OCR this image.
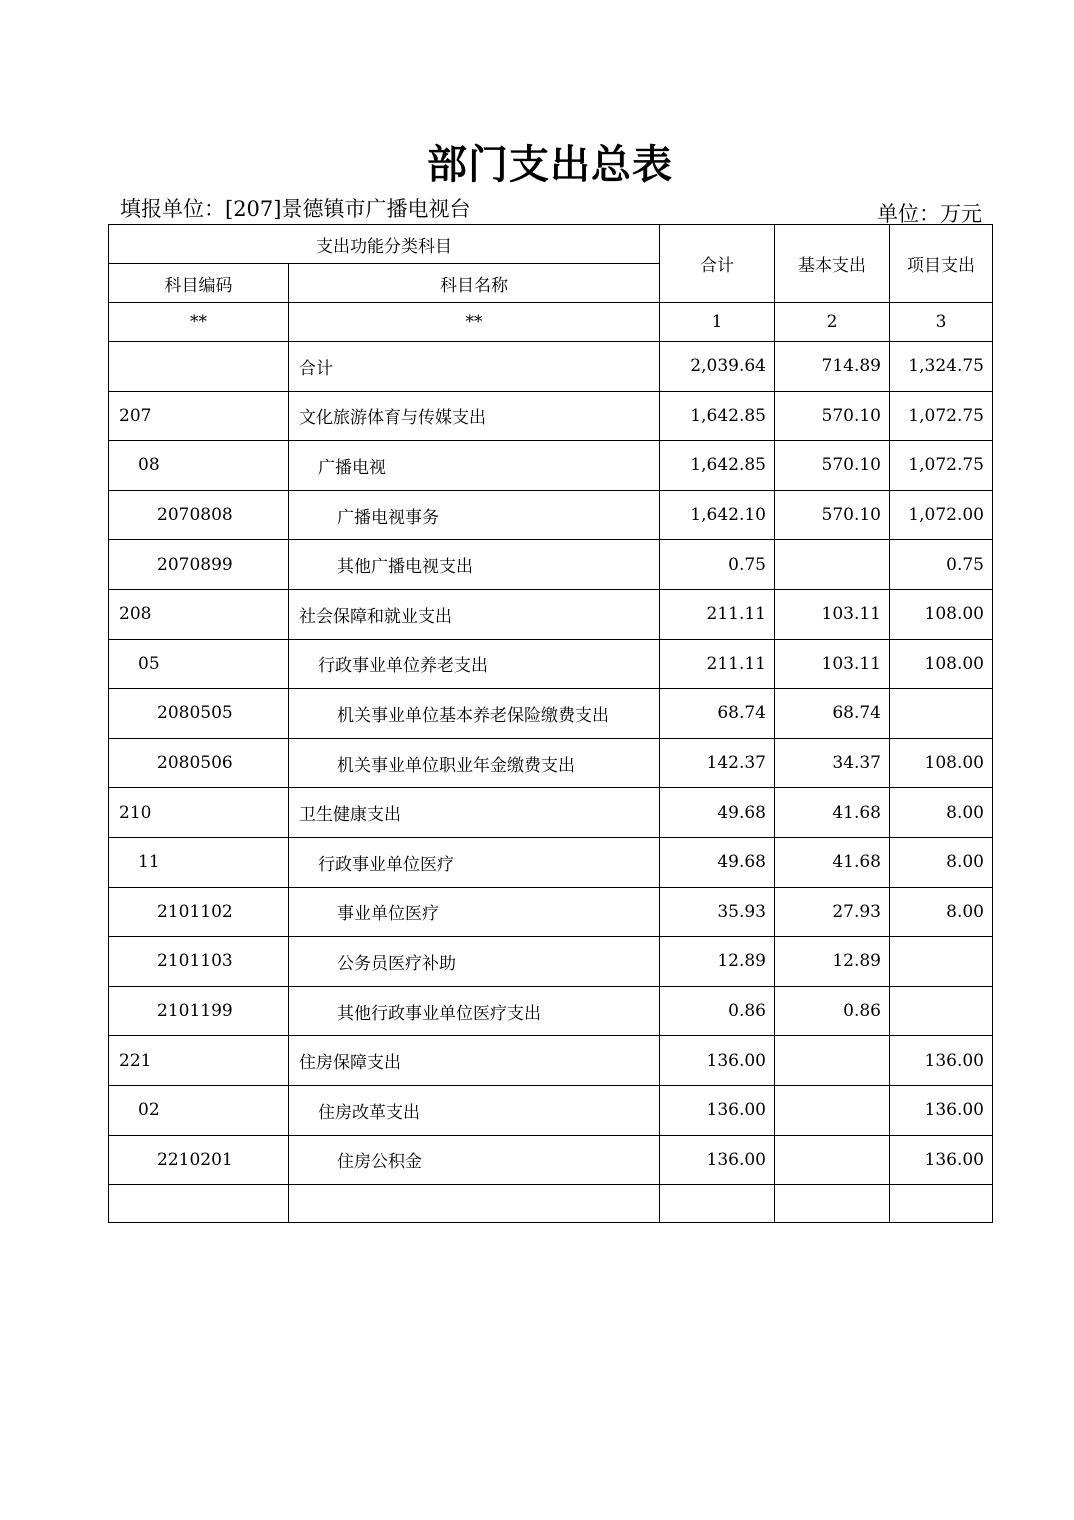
部门支出总表
填报单位：[207]景德镇市广播电视台	单位：万元
支出功能分类科目		合计	基本支出	项目支出
科目编码	科目名称			
**	**	1	2	3
	合计	2,039.64	714.89	1,324.75
207	文化旅游体育与传媒支出	1,642.85	570.10	1,072.75
08	广播电视	1,642.85	570.10	1,072.75
2070808	广播电视事务	1,642.10	570.10	1,072.00
2070899	其他广播电视支出	0.75		0.75
208	社会保障和就业支出	211.11	103.11	108.00
05	行政事业单位养老支出	211.11	103.11	108.00
2080505	机关事业单位基本养老保险缴费支出	68.74	68.74	
2080506	机关事业单位职业年金缴费支出	142.37	34.37	108.00
210	卫生健康支出	49.68	41.68	8.00
11	行政事业单位医疗	49.68	41.68	8.00
2101102	事业单位医疗	35.93	27.93	8.00
2101103	公务员医疗补助	12.89	12.89	
2101199	其他行政事业单位医疗支出	0.86	0.86	
221	住房保障支出	136.00		136.00
02	住房改革支出	136.00		136.00
2210201	住房公积金	136.00		136.00
